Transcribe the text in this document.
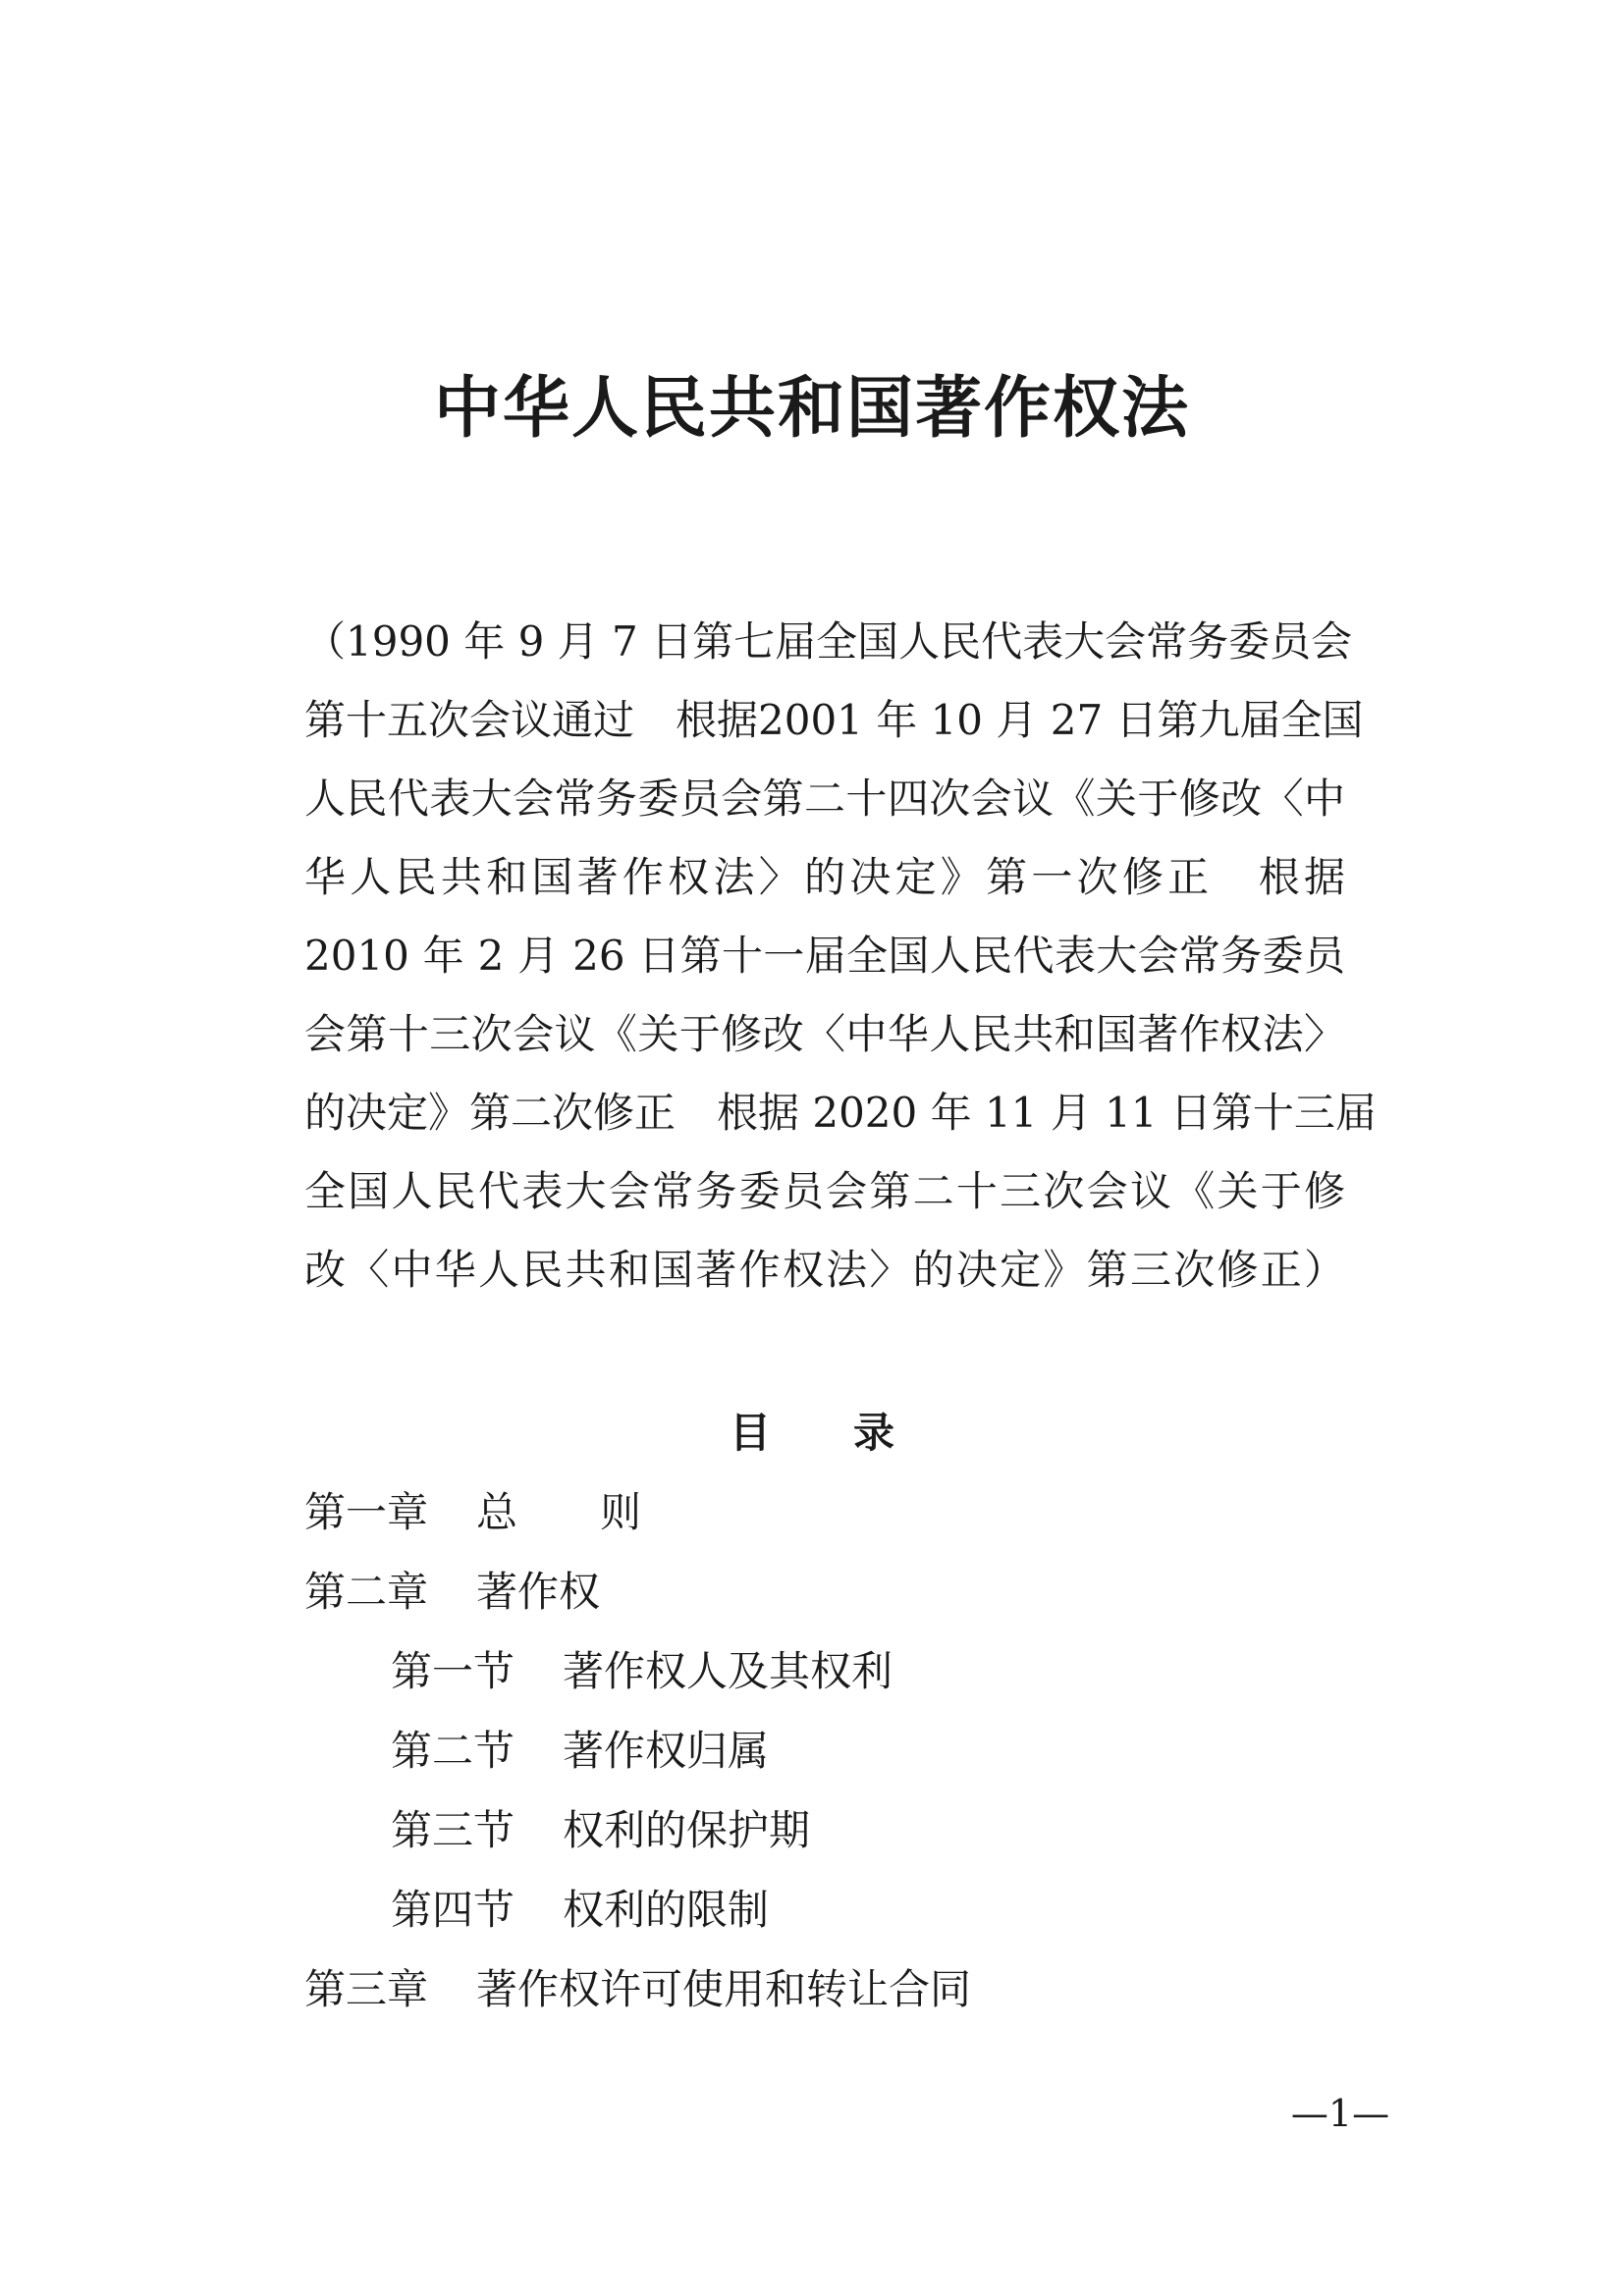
中华人民共和国著作权法
（1990 年 9 月 7 日第七届全国人民代表大会常务委员会
第十五次会议通过　根据2001 年 10 月 27 日第九届全国
人民代表大会常务委员会第二十四次会议《关于修改〈中
华人民共和国著作权法〉的决定》第一次修正　根据
2010 年 2 月 26 日第十一届全国人民代表大会常务委员
会第十三次会议《关于修改〈中华人民共和国著作权法〉
的决定》第二次修正　根据 2020 年 11 月 11 日第十三届
全国人民代表大会常务委员会第二十三次会议《关于修
改〈中华人民共和国著作权法〉的决定》第三次修正）
目　　录
第一章	总　　则
第二章	著作权
第一节	著作权人及其权利
第二节	著作权归属
第三节	权利的保护期
第四节	权利的限制
第三章	著作权许可使用和转让合同
—1—
